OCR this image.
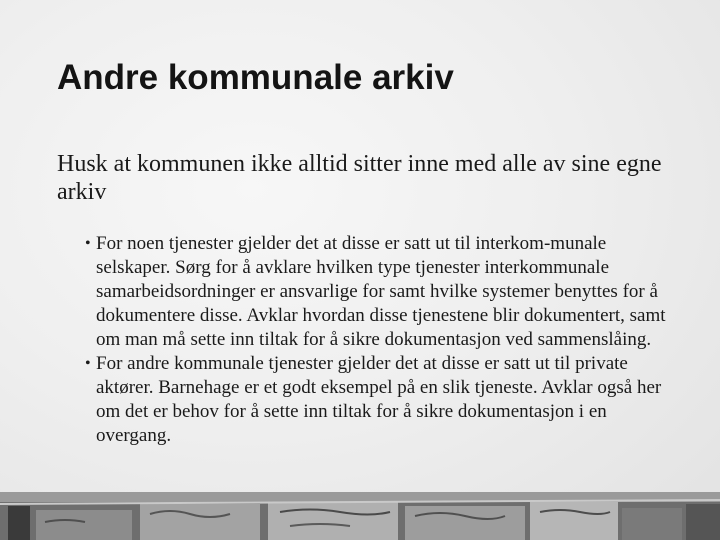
Andre kommunale arkiv

Husk at kommunen ikke alltid sitter inne med alle av sine egne arkiv

• For noen tjenester gjelder det at disse er satt ut til interkom-munale selskaper. Sørg for å avklare hvilken type tjenester interkommunale samarbeidsordninger er ansvarlige for samt hvilke systemer benyttes for å dokumentere disse. Avklar hvordan disse tjenestene blir dokumentert, samt om man må sette inn tiltak for å sikre dokumentasjon ved sammenslåing.
• For andre kommunale tjenester gjelder det at disse er satt ut til private aktører. Barnehage er et godt eksempel på en slik tjeneste. Avklar også her om det er behov for å sette inn tiltak for å sikre dokumentasjon i en overgang.
